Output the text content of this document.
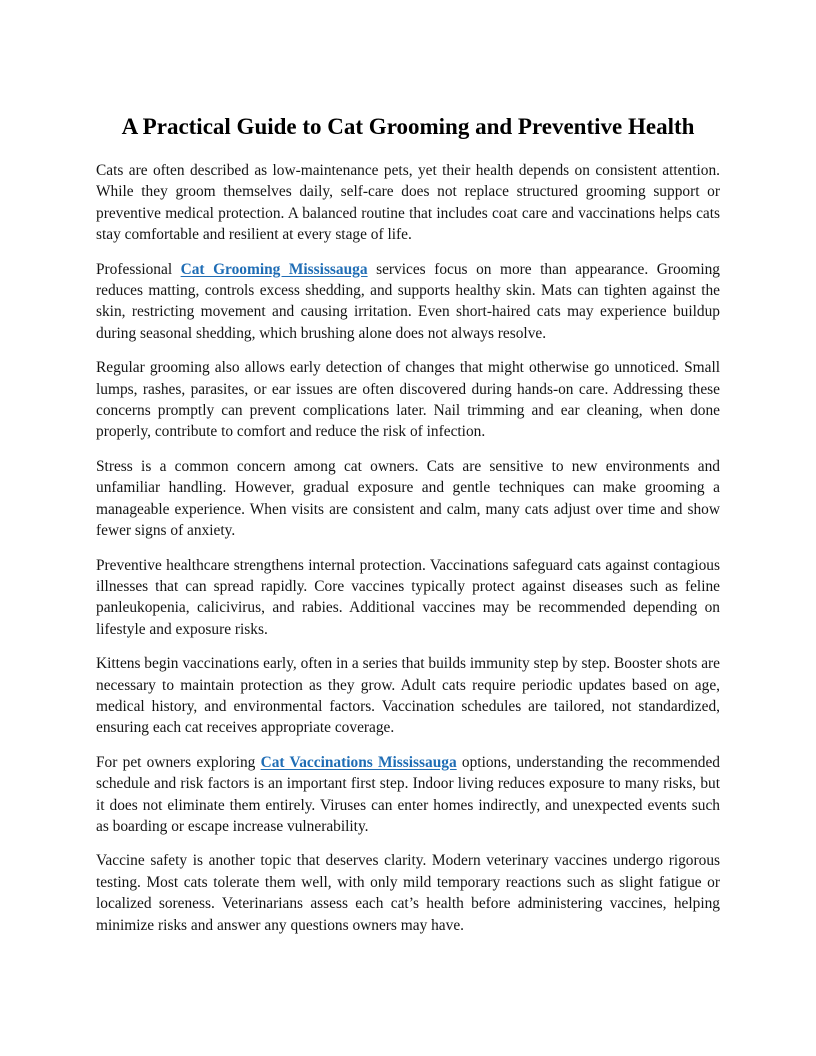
A Practical Guide to Cat Grooming and Preventive Health

Cats are often described as low-maintenance pets, yet their health depends on consistent attention. While they groom themselves daily, self-care does not replace structured grooming support or preventive medical protection. A balanced routine that includes coat care and vaccinations helps cats stay comfortable and resilient at every stage of life.

Professional Cat Grooming Mississauga services focus on more than appearance. Grooming reduces matting, controls excess shedding, and supports healthy skin. Mats can tighten against the skin, restricting movement and causing irritation. Even short-haired cats may experience buildup during seasonal shedding, which brushing alone does not always resolve.

Regular grooming also allows early detection of changes that might otherwise go unnoticed. Small lumps, rashes, parasites, or ear issues are often discovered during hands-on care. Addressing these concerns promptly can prevent complications later. Nail trimming and ear cleaning, when done properly, contribute to comfort and reduce the risk of infection.

Stress is a common concern among cat owners. Cats are sensitive to new environments and unfamiliar handling. However, gradual exposure and gentle techniques can make grooming a manageable experience. When visits are consistent and calm, many cats adjust over time and show fewer signs of anxiety.

Preventive healthcare strengthens internal protection. Vaccinations safeguard cats against contagious illnesses that can spread rapidly. Core vaccines typically protect against diseases such as feline panleukopenia, calicivirus, and rabies. Additional vaccines may be recommended depending on lifestyle and exposure risks.

Kittens begin vaccinations early, often in a series that builds immunity step by step. Booster shots are necessary to maintain protection as they grow. Adult cats require periodic updates based on age, medical history, and environmental factors. Vaccination schedules are tailored, not standardized, ensuring each cat receives appropriate coverage.

For pet owners exploring Cat Vaccinations Mississauga options, understanding the recommended schedule and risk factors is an important first step. Indoor living reduces exposure to many risks, but it does not eliminate them entirely. Viruses can enter homes indirectly, and unexpected events such as boarding or escape increase vulnerability.

Vaccine safety is another topic that deserves clarity. Modern veterinary vaccines undergo rigorous testing. Most cats tolerate them well, with only mild temporary reactions such as slight fatigue or localized soreness. Veterinarians assess each cat’s health before administering vaccines, helping minimize risks and answer any questions owners may have.
